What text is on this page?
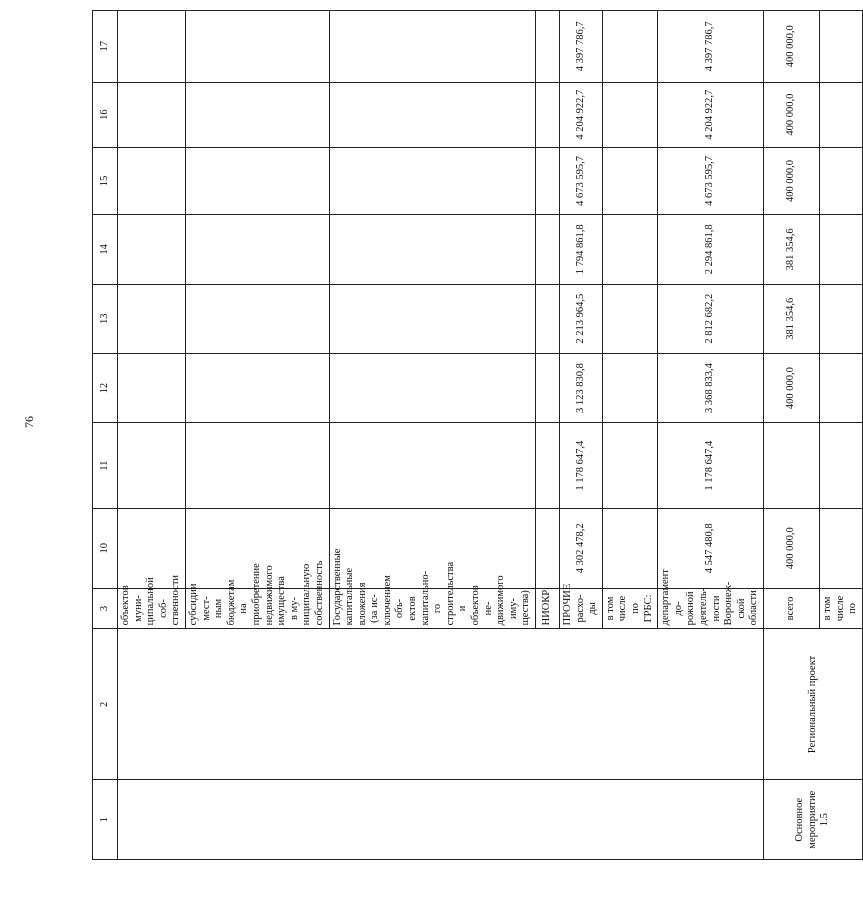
76
1	2	3	10	11	12	13	14	15	16	17
		объектов муни-ципальной соб-ственности								
		субсидии мест-ным бюджетам на приобретение недвижимого имущества в му-ниципальную собственность								
		Государственные капитальные вложения (за ис-ключением объ-ектов капитально-го строительства и объектов не-движимого иму-щества)								
		НИОКР								
		ПРОЧИЕ расхо-ды	4 302 478,2	1 178 647,4	3 123 830,8	2 213 964,5	1 794 861,8	4 673 595,7	4 204 922,7	4 397 786,7
		в том числе по ГРБС:								
		департамент до-рожной деятель-ности Воронеж-ской области	4 547 480,8	1 178 647,4	3 368 833,4	2 812 682,2	2 294 861,8	4 673 595,7	4 204 922,7	4 397 786,7
Основное мероприятие 1.5	Региональный проект	всего	400 000,0		400 000,0	381 354,6	381 354,6	400 000,0	400 000,0	400 000,0
		в том числе по								
